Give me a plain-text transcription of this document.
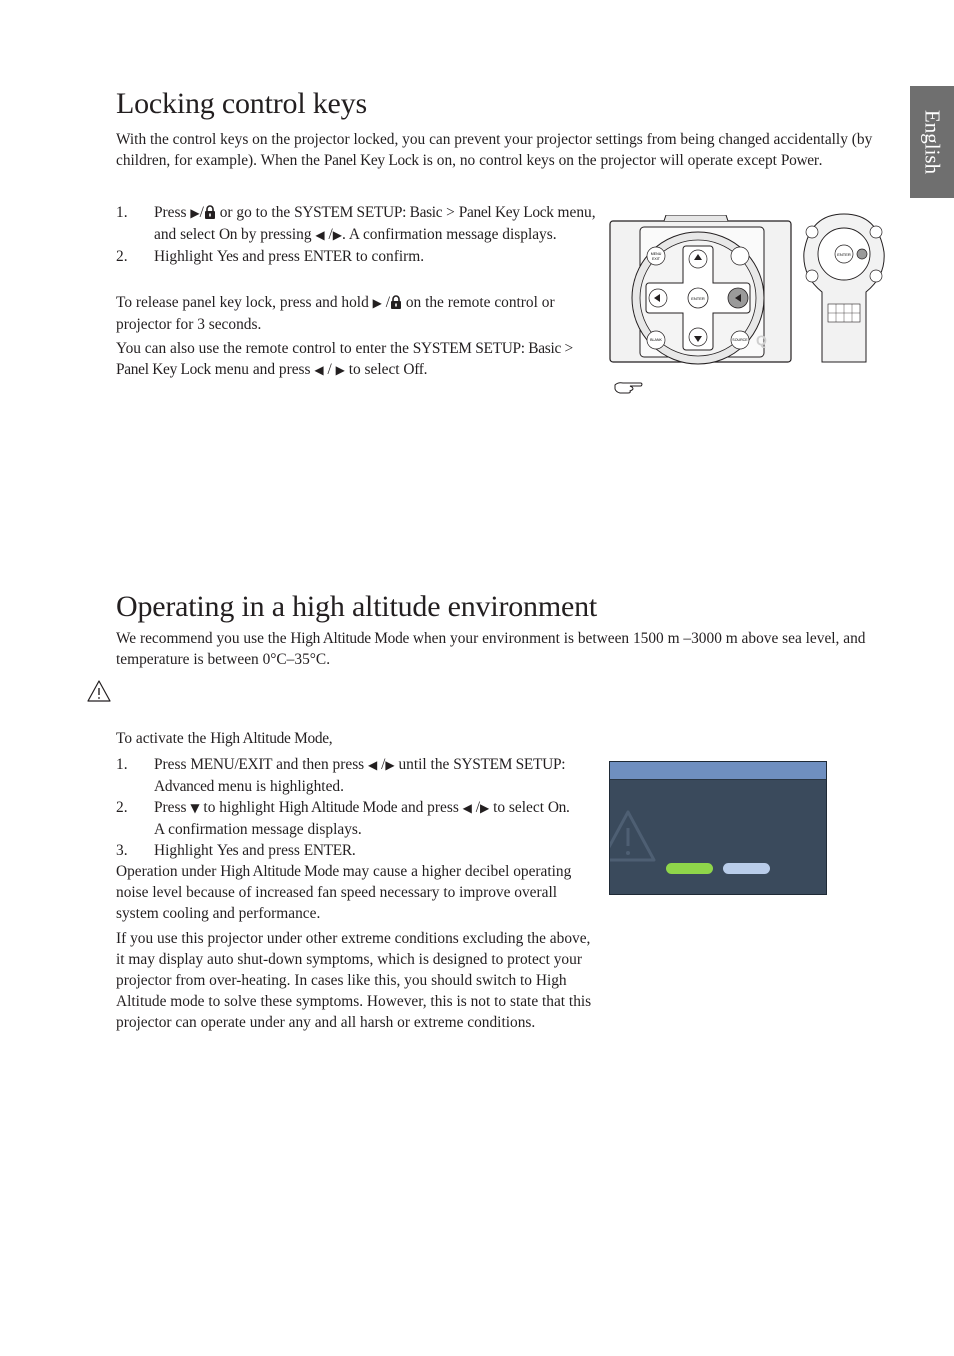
English
Locking control keys

With the control keys on the projector locked, you can prevent your projector settings from being changed accidentally (by children, for example). When the Panel Key Lock is on, no control keys on the projector will operate except Power.

1. Press ▶/ or go to the SYSTEM SETUP: Basic > Panel Key Lock menu, and select On by pressing ◀ /▶. A confirmation message displays.
2. Highlight Yes and press ENTER to confirm.

To release panel key lock, press and hold ▶ / on the remote control or projector for 3 seconds.

You can also use the remote control to enter the SYSTEM SETUP: Basic > Panel Key Lock menu and press ◀ / ▶ to select Off.

ENTER
MENU
EXIT
BLANK	SOURCE Q
ENTER
Operating in a high altitude environment

We recommend you use the High Altitude Mode when your environment is between 1500 m –3000 m above sea level, and temperature is between 0°C–35°C.

To activate the High Altitude Mode,

1. Press MENU/EXIT and then press ◀ /▶ until the SYSTEM SETUP: Advanced menu is highlighted.
2. Press ▼ to highlight High Altitude Mode and press ◀ /▶ to select On. A confirmation message displays.
3. Highlight Yes and press ENTER.

Operation under High Altitude Mode may cause a higher decibel operating noise level because of increased fan speed necessary to improve overall system cooling and performance.

If you use this projector under other extreme conditions excluding the above, it may display auto shut-down symptoms, which is designed to protect your projector from over-heating. In cases like this, you should switch to High Altitude mode to solve these symptoms. However, this is not to state that this projector can operate under any and all harsh or extreme conditions.
